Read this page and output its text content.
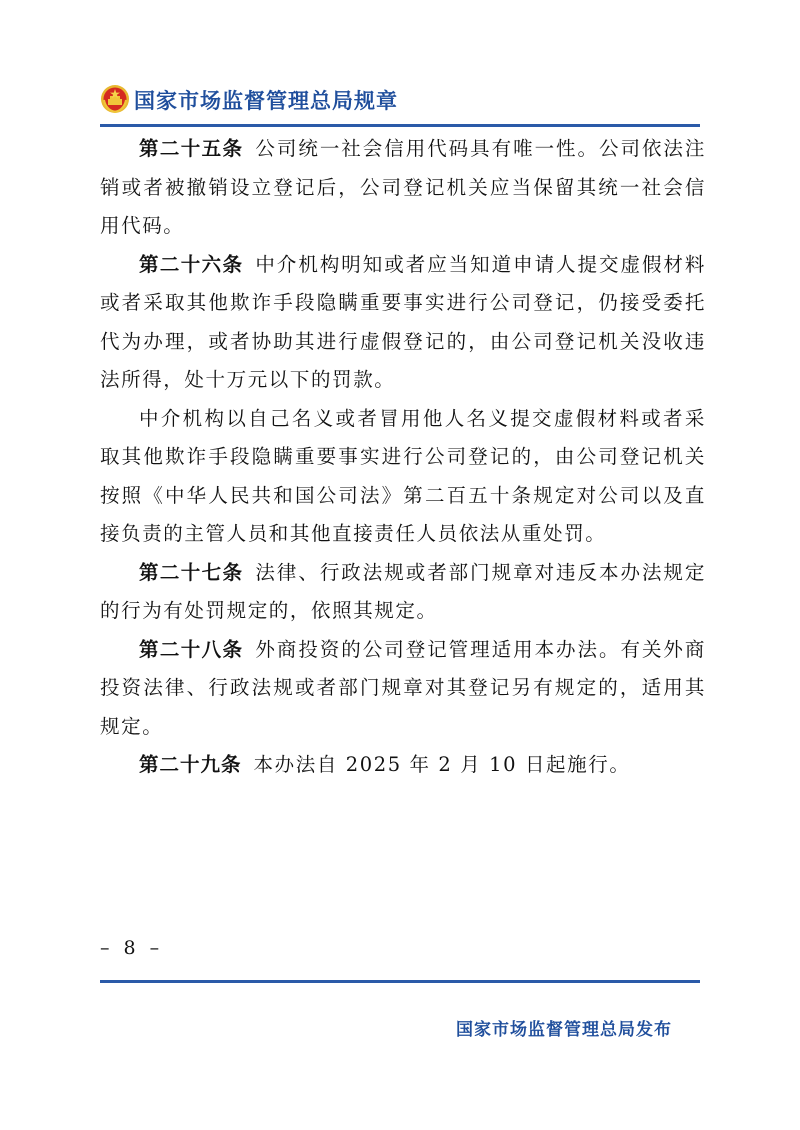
国家市场监督管理总局规章

第二十五条 公司统一社会信用代码具有唯一性。公司依法注销或者被撤销设立登记后，公司登记机关应当保留其统一社会信用代码。

第二十六条 中介机构明知或者应当知道申请人提交虚假材料或者采取其他欺诈手段隐瞒重要事实进行公司登记，仍接受委托代为办理，或者协助其进行虚假登记的，由公司登记机关没收违法所得，处十万元以下的罚款。

中介机构以自己名义或者冒用他人名义提交虚假材料或者采取其他欺诈手段隐瞒重要事实进行公司登记的，由公司登记机关按照《中华人民共和国公司法》第二百五十条规定对公司以及直接负责的主管人员和其他直接责任人员依法从重处罚。

第二十七条 法律、行政法规或者部门规章对违反本办法规定的行为有处罚规定的，依照其规定。

第二十八条 外商投资的公司登记管理适用本办法。有关外商投资法律、行政法规或者部门规章对其登记另有规定的，适用其规定。

第二十九条 本办法自 2025 年 2 月 10 日起施行。

– 8 –
国家市场监督管理总局发布
